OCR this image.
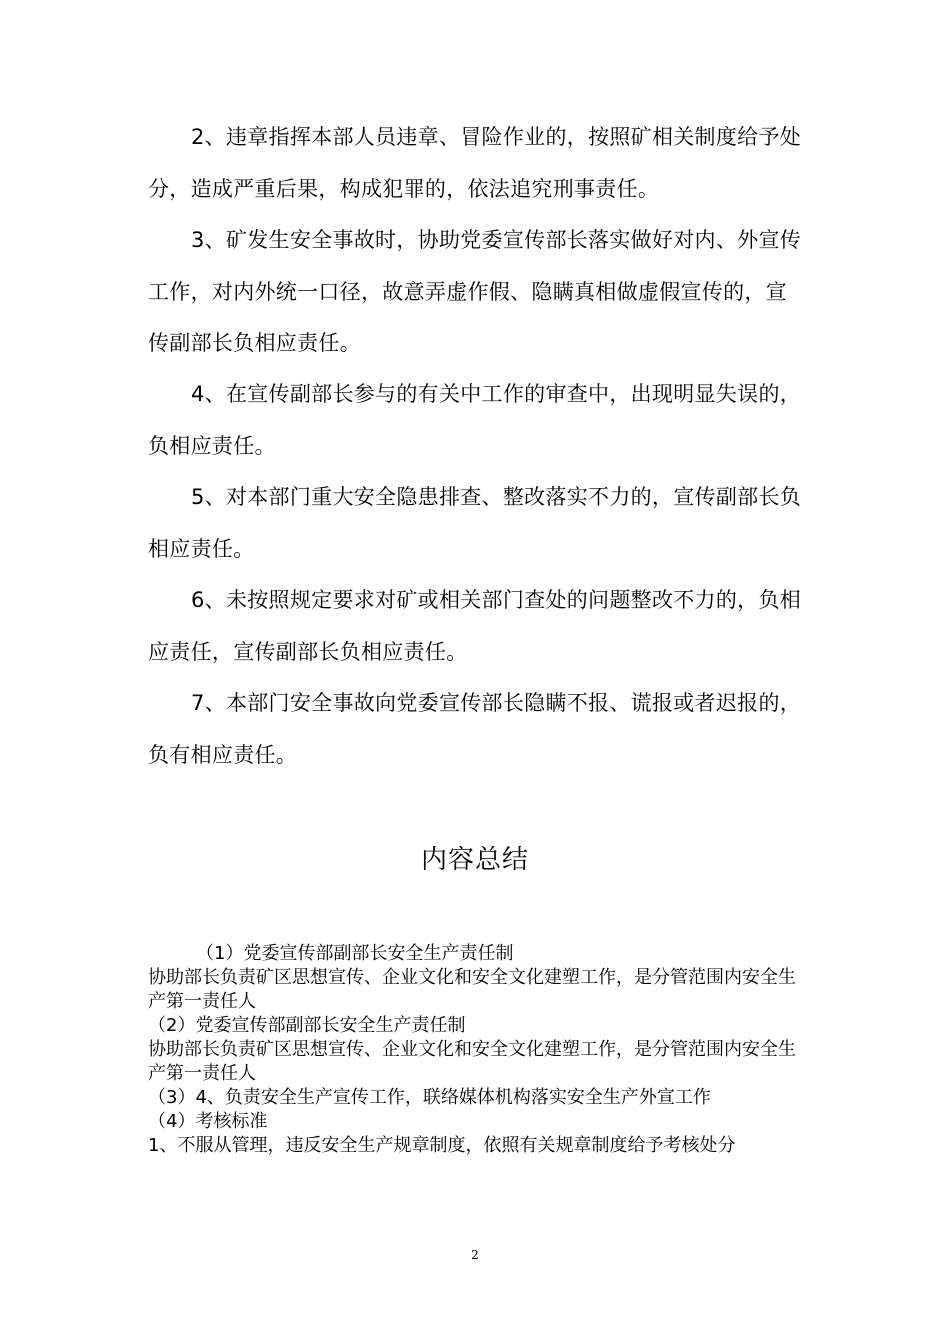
2、违章指挥本部人员违章、冒险作业的，按照矿相关制度给予处分，造成严重后果，构成犯罪的，依法追究刑事责任。
3、矿发生安全事故时，协助党委宣传部长落实做好对内、外宣传工作，对内外统一口径，故意弄虚作假、隐瞒真相做虚假宣传的，宣传副部长负相应责任。
4、在宣传副部长参与的有关中工作的审查中，出现明显失误的，负相应责任。
5、对本部门重大安全隐患排查、整改落实不力的，宣传副部长负相应责任。
6、未按照规定要求对矿或相关部门查处的问题整改不力的，负相应责任，宣传副部长负相应责任。
7、本部门安全事故向党委宣传部长隐瞒不报、谎报或者迟报的，负有相应责任。
内容总结
（1）党委宣传部副部长安全生产责任制
协助部长负责矿区思想宣传、企业文化和安全文化建塑工作，是分管范围内安全生产第一责任人
（2）党委宣传部副部长安全生产责任制
协助部长负责矿区思想宣传、企业文化和安全文化建塑工作，是分管范围内安全生产第一责任人
（3）4、负责安全生产宣传工作，联络媒体机构落实安全生产外宣工作
（4）考核标准
1、不服从管理，违反安全生产规章制度，依照有关规章制度给予考核处分
2
